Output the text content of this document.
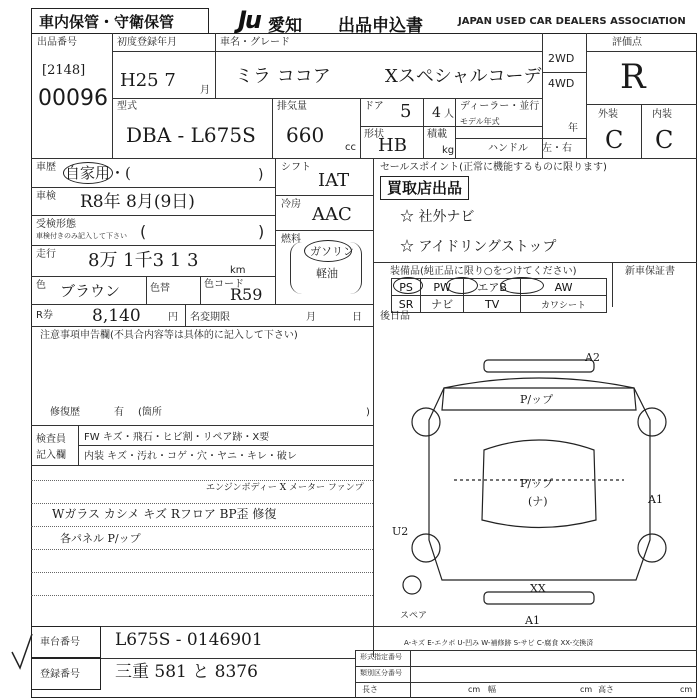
車内保管・守衛保管	Ju 愛知 出品申込書	JAPAN USED CAR DEALERS ASSOCIATION
出品番号
[2148]
00096
初度登録年月
H25 7 月
車名・グレード
ミラ ココア	Xスペシャルコーデ
2WD
4WD
型式
DBA - L675S
排気量
660
cc
ドア 5
形状
HB
4 人
積載
kg
ディーラー・並行
モデル年式
年
ハンドル 左・右
評価点
R
外装	内装
C C
車歴 自家用・(	)
車検 R8年 8月(9日)
受検形態
車検付きのみ記入して下さい (	)
走行 8万 1千3 1 3	km
色 ブラウン	色替	色コード
R59
シフト
IAT
冷房 AAC
燃料
ガソリン
軽油
セールスポイント(正常に機能するものに限ります)
買取店出品
☆ 社外ナビ
☆ アイドリングストップ
装備品(純正品に限り○をつけてください)
PS	PW	エアB	AW
SR	ナビ	TV	カワシート
新車保証書
R券 8,140	円 名変期限	月	日
注意事項申告欄(不具合内容等は具体的に記入して下さい)
修復歴	有 (箇所	)
検査員
記入欄
FW キズ・飛石・ヒビ割・リペア跡・X要
内装 キズ・汚れ・コゲ・穴・ヤニ・キレ・破レ
エンジンボディー X メーター ファンプ
Wガラス カシメ キズ Rフロア BP歪 修復
各パネル P/ップ
後日品
A2
P/ップ
P/ップ
(ナ)	A1
U2
XX
A1
スペア
A-キズ E-エクボ U-凹み W-補修跡 S-サビ C-腐食 XX-交換済
車台番号 L675S - 0146901
登録番号 三重 581 と 8376
形式指定番号
類別区分番号
長さ	cm 幅	cm 高さ	cm
